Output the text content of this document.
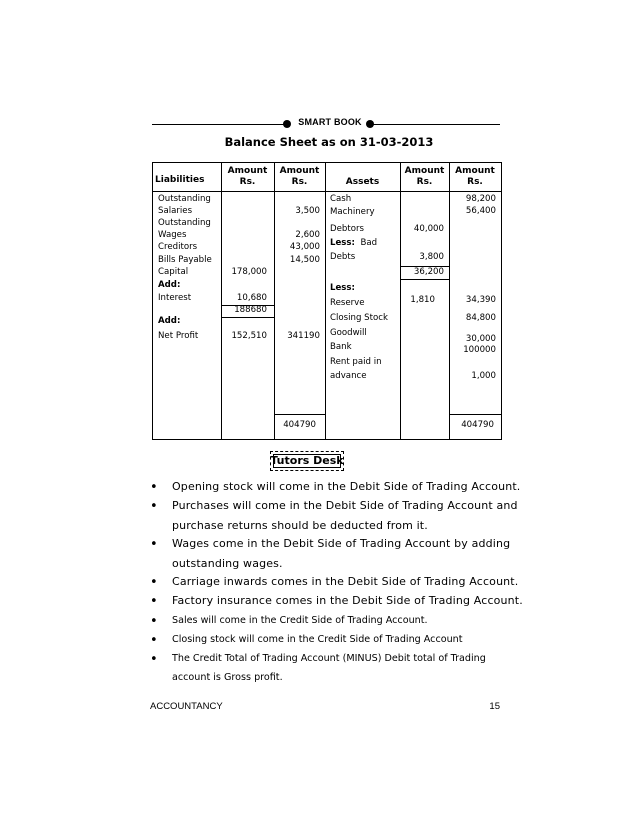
SMART BOOK
Balance Sheet as on 31-03-2013
Liabilities
Amount
Rs.
Amount
Rs.	Assets
Amount
Rs.
Amount
Rs.
Outstanding
Salaries
Outstanding
Wages
Creditors
Bills Payable
Capital
Add:
Interest
Add:
Net Profit
178,000
10,680
188680
152,510
3,500
2,600
43,000
14,500
341190
404790
Cash
Machinery
Debtors
Less: Bad
Debts
Less:
Reserve
Closing Stock
Goodwill
Bank
Rent paid in
advance
40,000
3,800
36,200
1,810
98,200
56,400
34,390
84,800
30,000
100000
1,000
404790
Tutors Desk
• Opening stock will come in the Debit Side of Trading Account.
• Purchases will come in the Debit Side of Trading Account and
purchase returns should be deducted from it.
• Wages come in the Debit Side of Trading Account by adding
outstanding wages.
• Carriage inwards comes in the Debit Side of Trading Account.
• Factory insurance comes in the Debit Side of Trading Account.
• Sales will come in the Credit Side of Trading Account.
• Closing stock will come in the Credit Side of Trading Account
• The Credit Total of Trading Account (MINUS) Debit total of Trading
account is Gross profit.
ACCOUNTANCY	15
